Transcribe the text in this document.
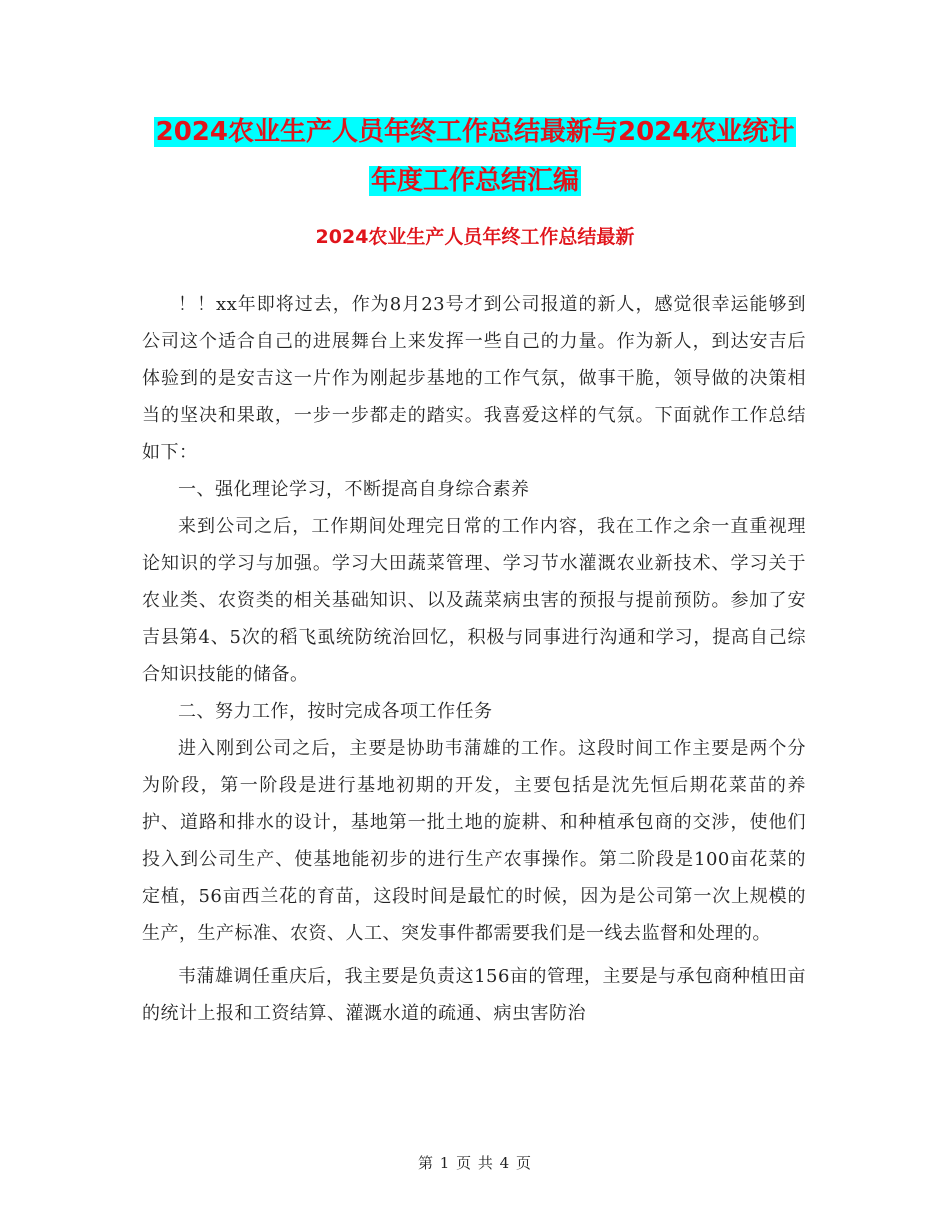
2024农业生产人员年终工作总结最新与2024农业统计
年度工作总结汇编
2024农业生产人员年终工作总结最新

！！xx年即将过去，作为8月23号才到公司报道的新人，感觉很幸运能够到公司这个适合自己的进展舞台上来发挥一些自己的力量。作为新人，到达安吉后体验到的是安吉这一片作为刚起步基地的工作气氛，做事干脆，领导做的决策相当的坚决和果敢，一步一步都走的踏实。我喜爱这样的气氛。下面就作工作总结如下：

一、强化理论学习，不断提高自身综合素养

来到公司之后，工作期间处理完日常的工作内容，我在工作之余一直重视理论知识的学习与加强。学习大田蔬菜管理、学习节水灌溉农业新技术、学习关于农业类、农资类的相关基础知识、以及蔬菜病虫害的预报与提前预防。参加了安吉县第4、5次的稻飞虱统防统治回忆，积极与同事进行沟通和学习，提高自己综合知识技能的储备。

二、努力工作，按时完成各项工作任务

进入刚到公司之后，主要是协助韦蒲雄的工作。这段时间工作主要是两个分为阶段，第一阶段是进行基地初期的开发，主要包括是沈先恒后期花菜苗的养护、道路和排水的设计，基地第一批土地的旋耕、和种植承包商的交涉，使他们投入到公司生产、使基地能初步的进行生产农事操作。第二阶段是100亩花菜的定植，56亩西兰花的育苗，这段时间是最忙的时候，因为是公司第一次上规模的生产，生产标准、农资、人工、突发事件都需要我们是一线去监督和处理的。

韦蒲雄调任重庆后，我主要是负责这156亩的管理，主要是与承包商种植田亩的统计上报和工资结算、灌溉水道的疏通、病虫害防治

第 1 页 共 4 页
